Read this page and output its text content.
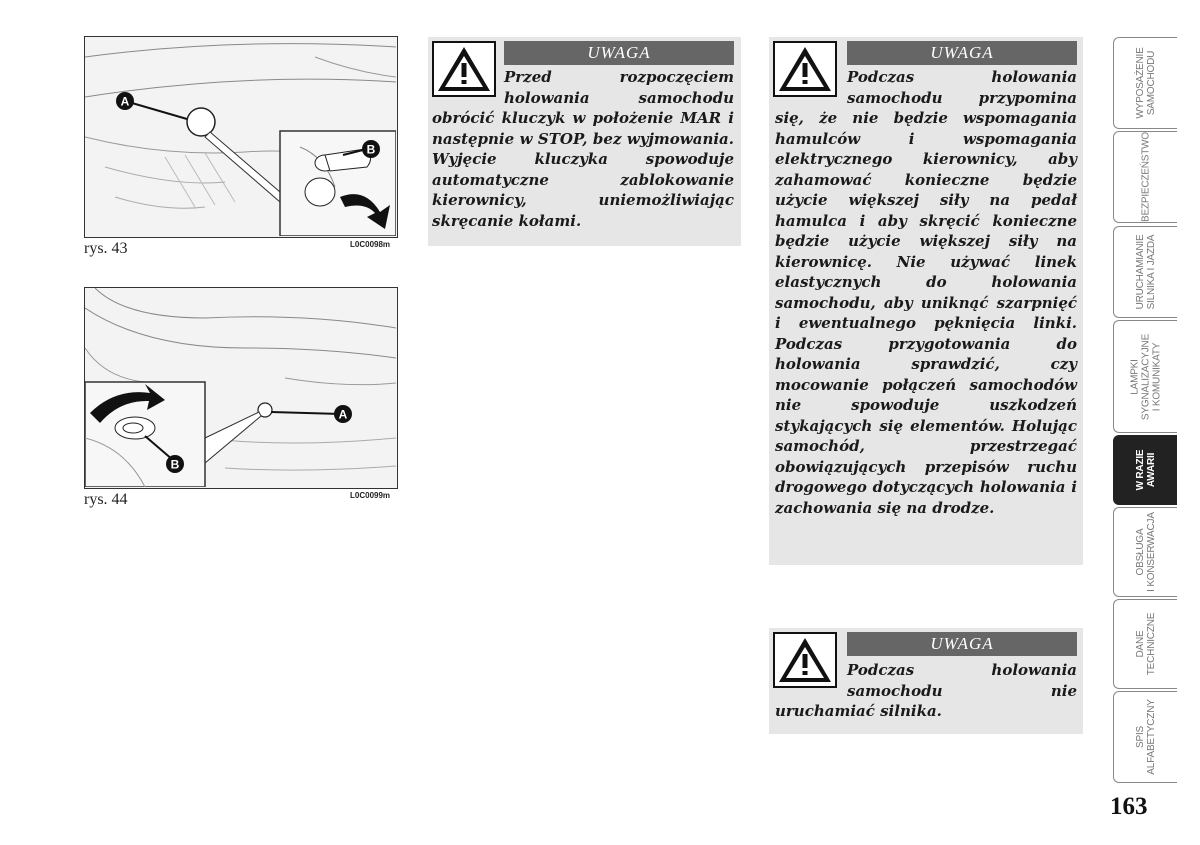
A
B
rys. 43	L0C0098m
A
B
rys. 44	L0C0099m
UWAGA

Przed rozpoczęciem holowania samochodu obrócić kluczyk w położenie MAR i następnie w STOP, bez wyjmowania. Wyjęcie kluczyka spowoduje automatyczne zablokowanie kierownicy, uniemożliwiając skręcanie kołami.

UWAGA

Podczas holowania samochodu przypomina się, że nie będzie wspomagania hamulców i wspomagania elektrycznego kierownicy, aby zahamować konieczne będzie użycie większej siły na pedał hamulca i aby skręcić konieczne będzie użycie większej siły na kierownicę. Nie używać linek elastycznych do holowania samochodu, aby uniknąć szarpnięć i ewentualnego pęknięcia linki. Podczas przygotowania do holowania sprawdzić, czy mocowanie połączeń samochodów nie spowoduje uszkodzeń stykających się elementów. Holując samochód, przestrzegać obowiązujących przepisów ruchu drogowego dotyczących holowania i zachowania się na drodze.

UWAGA

Podczas holowania samochodu nie uruchamiać silnika.

WYPOSAŻENIE
SAMOCHODU
BEZPIECZEŃSTWO
URUCHAMIANIE
SILNIKA I JAZDA
LAMPKI
SYGNALIZACYJNE
I KOMUNIKATY
W RAZIE
AWARII
OBSŁUGA
I KONSERWACJA
DANE
TECHNICZNE
SPIS
ALFABETYCZNY
163
